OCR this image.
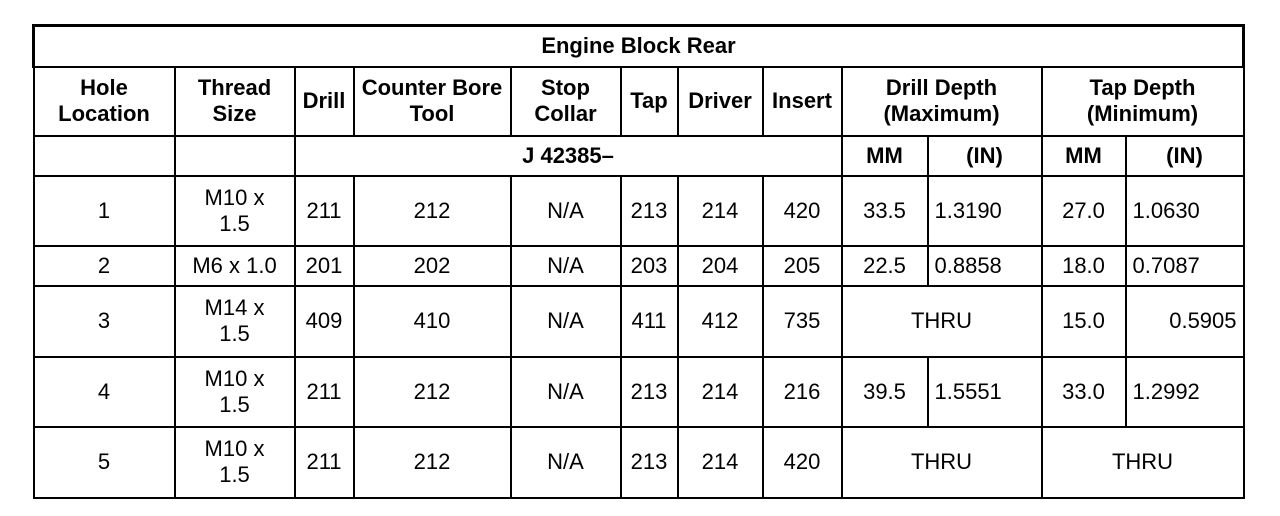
Engine Block Rear											
Hole Location	Thread Size	Drill	Counter Bore Tool	Stop Collar	Tap	Driver	Insert	Drill Depth (Maximum)		Tap Depth (Minimum)	
		J 42385–						MM	(IN)	MM	(IN)
1	M10 x 1.5	211	212	N/A	213	214	420	33.5	1.3190	27.0	1.0630
2	M6 x 1.0	201	202	N/A	203	204	205	22.5	0.8858	18.0	0.7087
3	M14 x 1.5	409	410	N/A	411	412	735	THRU		15.0	0.5905
4	M10 x 1.5	211	212	N/A	213	214	216	39.5	1.5551	33.0	1.2992
5	M10 x 1.5	211	212	N/A	213	214	420	THRU		THRU	
